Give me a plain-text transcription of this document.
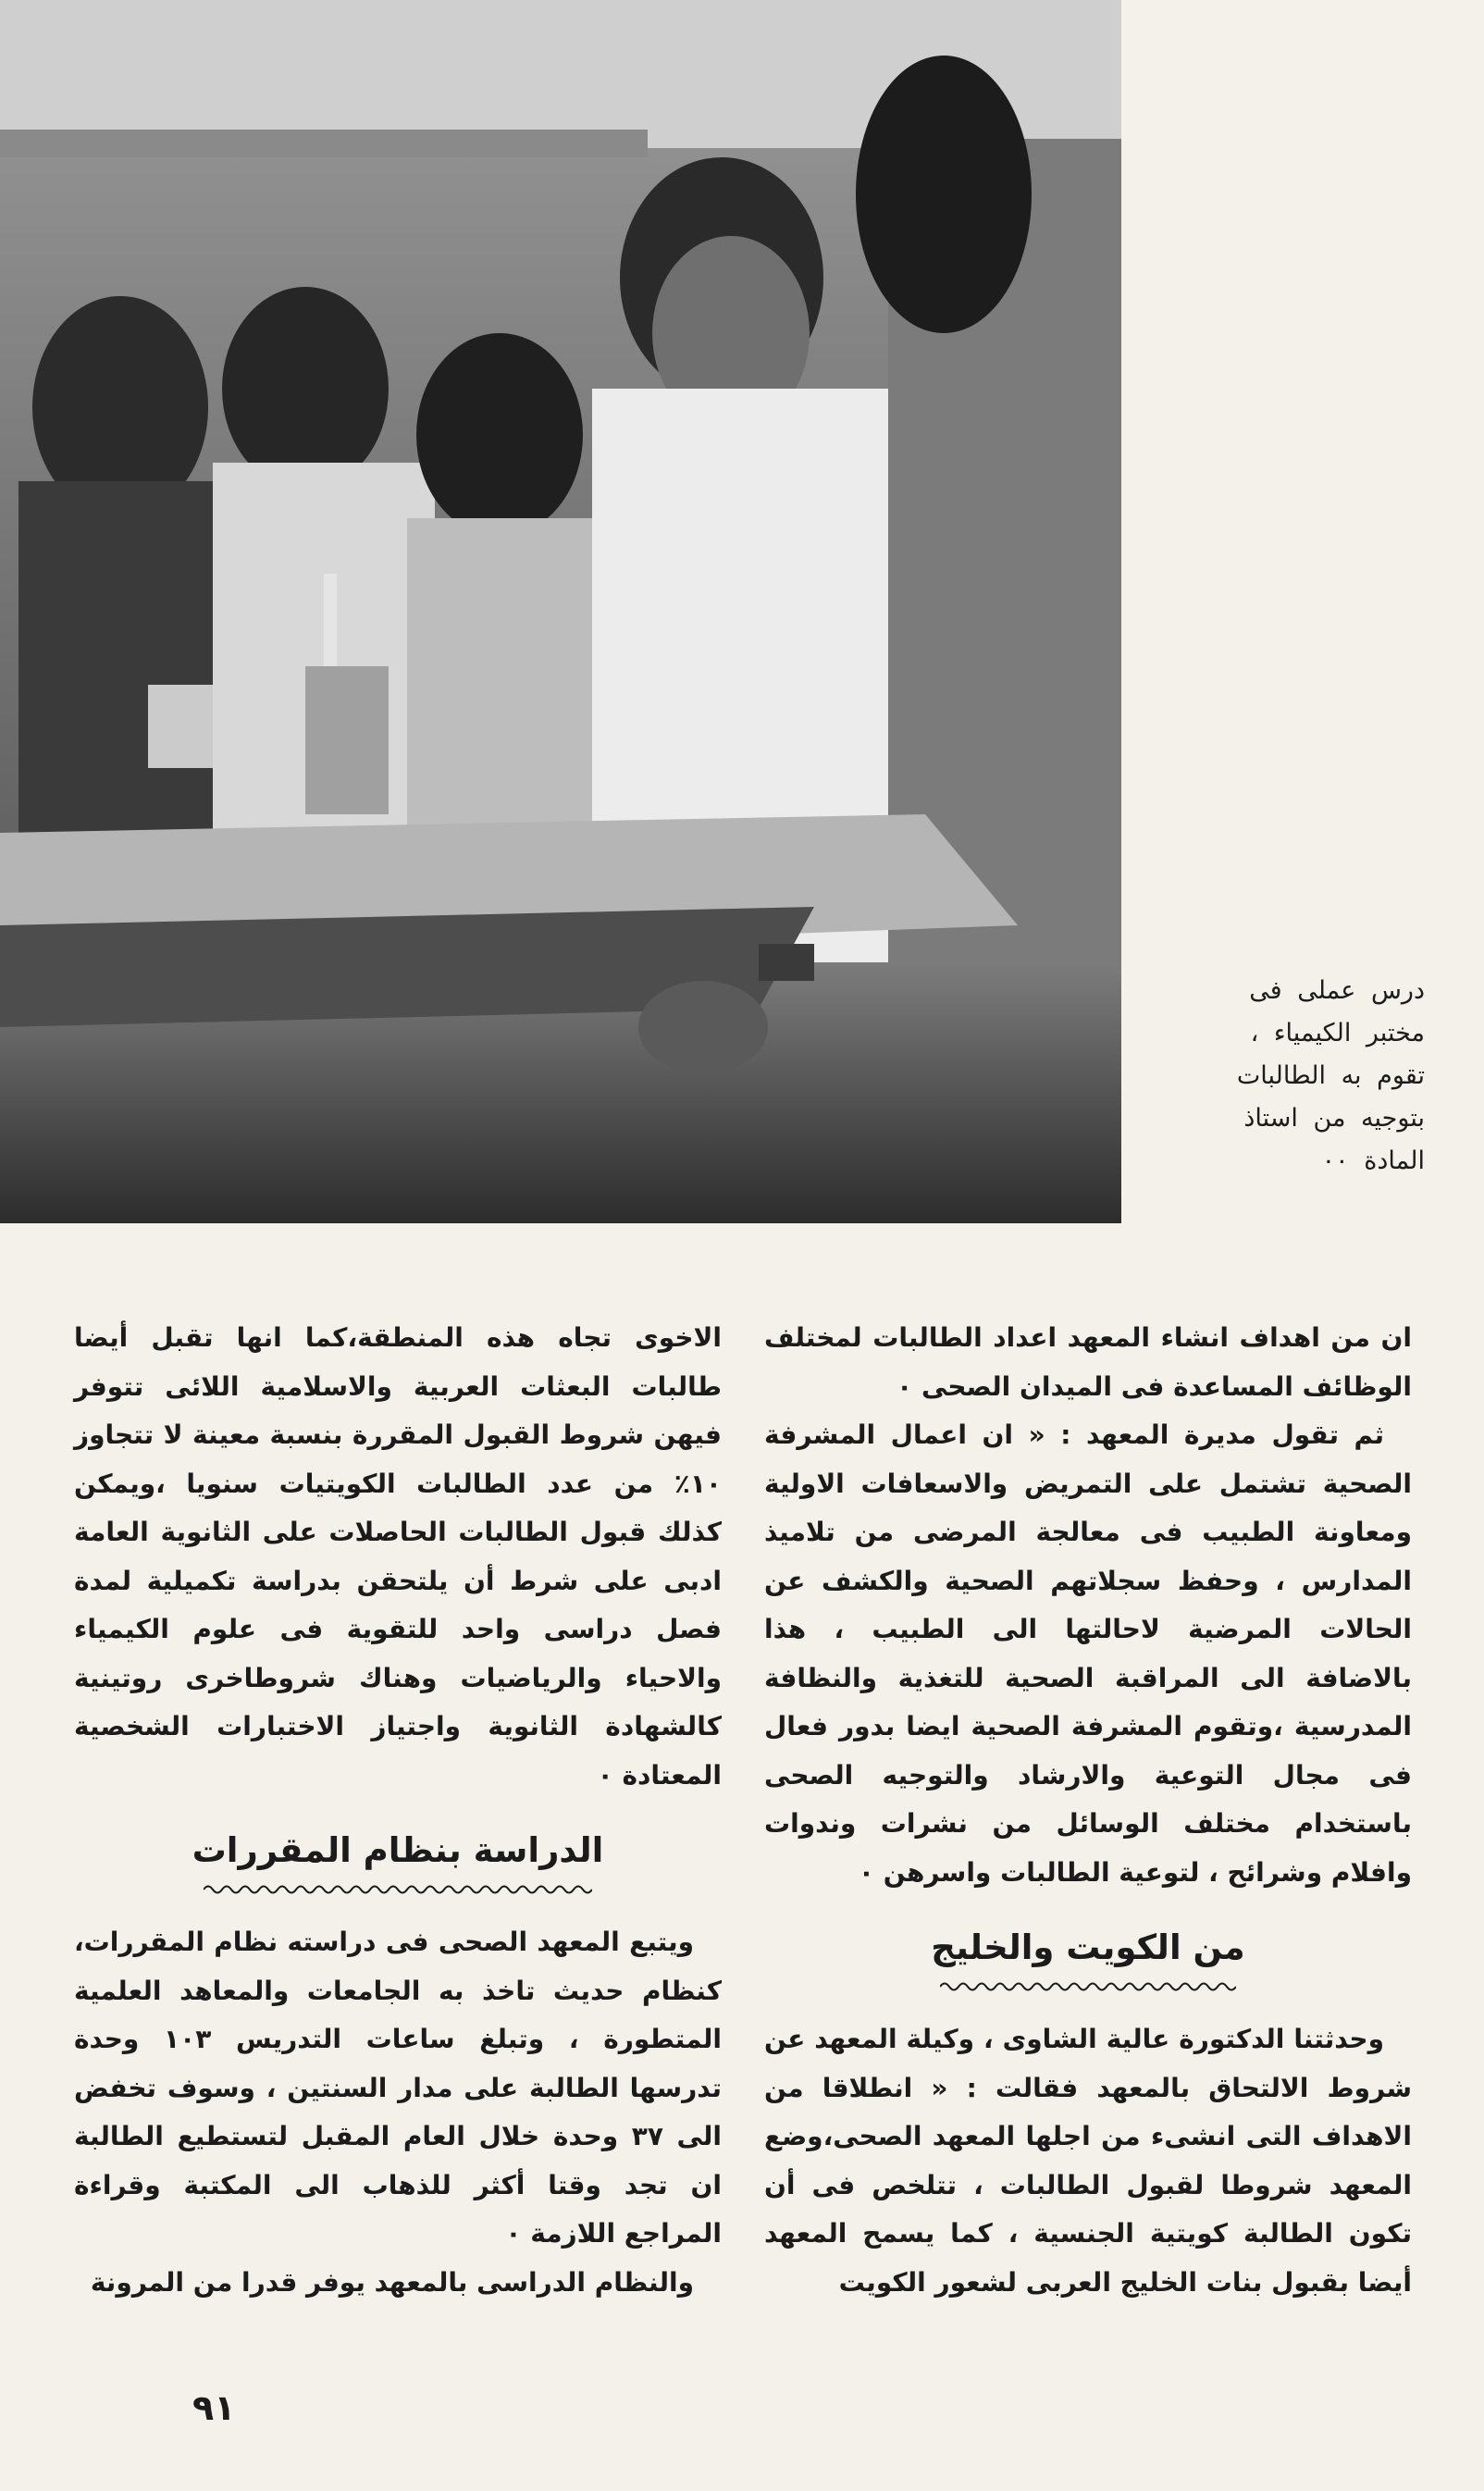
درس عملى فى

مختبر الكيمياء ،

تقوم به الطالبات

بتوجيه من استاذ

المادة ٠٠

ان من اهداف انشاء المعهد اعداد الطالبات لمختلف الوظائف المساعدة فى الميدان الصحى ٠

ثم تقول مديرة المعهد : « ان اعمال المشرفة الصحية تشتمل على التمريض والاسعافات الاولية ومعاونة الطبيب فى معالجة المرضى من تلاميذ المدارس ، وحفظ سجلاتهم الصحية والكشف عن الحالات المرضية لاحالتها الى الطبيب ، هذا بالاضافة الى المراقبة الصحية للتغذية والنظافة المدرسية ،وتقوم المشرفة الصحية ايضا بدور فعال فى مجال التوعية والارشاد والتوجيه الصحى باستخدام مختلف الوسائل من نشرات وندوات وافلام وشرائح ، لتوعية الطالبات واسرهن ٠

من الكويت والخليج

وحدثتنا الدكتورة عالية الشاوى ، وكيلة المعهد عن شروط الالتحاق بالمعهد فقالت : « انطلاقا من الاهداف التى انشىء من اجلها المعهد الصحى،وضع المعهد شروطا لقبول الطالبات ، تتلخص فى أن تكون الطالبة كويتية الجنسية ، كما يسمح المعهد أيضا بقبول بنات الخليج العربى لشعور الكويت

الاخوى تجاه هذه المنطقة،كما انها تقبل أيضا طالبات البعثات العربية والاسلامية اللائى تتوفر فيهن شروط القبول المقررة بنسبة معينة لا تتجاوز ١٠٪ من عدد الطالبات الكويتيات سنويا ،ويمكن كذلك قبول الطالبات الحاصلات على الثانوية العامة ادبى على شرط أن يلتحقن بدراسة تكميلية لمدة فصل دراسى واحد للتقوية فى علوم الكيمياء والاحياء والرياضيات وهناك شروطاخرى روتينية كالشهادة الثانوية واجتياز الاختبارات الشخصية المعتادة ٠

الدراسة بنظام المقررات

ويتبع المعهد الصحى فى دراسته نظام المقررات، كنظام حديث تاخذ به الجامعات والمعاهد العلمية المتطورة ، وتبلغ ساعات التدريس ١٠٣ وحدة تدرسها الطالبة على مدار السنتين ، وسوف تخفض الى ٣٧ وحدة خلال العام المقبل لتستطيع الطالبة ان تجد وقتا أكثر للذهاب الى المكتبة وقراءة المراجع اللازمة ٠

والنظام الدراسى بالمعهد يوفر قدرا من المرونة

٩١
